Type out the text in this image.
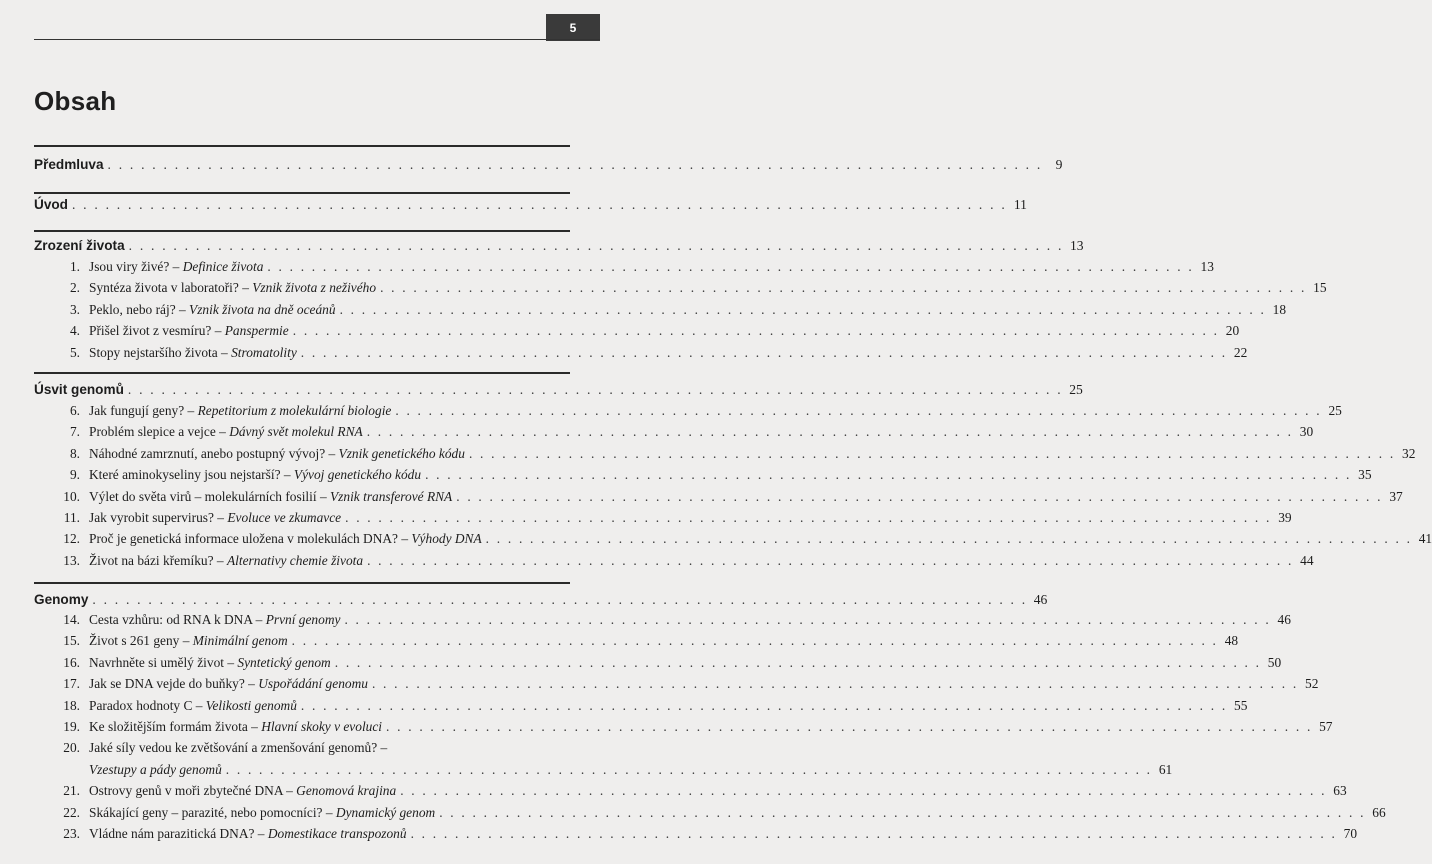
5
Obsah
Předmluva . . . . . . . . . . . . . . . . . . . . . . . . . . . . . . . . . . . . . . . . . . . . . . . . . . . . . . . . . . . . . . . . . . . . . . . . . . . . . . . . . . . . 9
Úvod . . . . . . . . . . . . . . . . . . . . . . . . . . . . . . . . . . . . . . . . . . . . . . . . . . . . . . . . . . . . . . . . . . . . . . . . . . . . . . . . . . . . 11
Zrození života . . . . . . . . . . . . . . . . . . . . . . . . . . . . . . . . . . . . . . . . . . . . . . . . . . . . . . . . . . . . . . . . . . . . . . . . . . . . . . . . . . . . 13
1. Jsou viry živé? – Definice života . . . . . . . . . . . . . . . . . . . . . . . . . . . . . . . . . . . . . . . . . . . . . . . . . . . . . . . . . . . . . . . . . . . . . . . . . . . . . . . . . . . . 13
2. Syntéza života v laboratoři? – Vznik života z neživého . . . . . . . . . . . . . . . . . . . . . . . . . . . . . . . . . . . . . . . . . . . . . . . . . . . . . . . . . . . . . . . . . . . . . . . . . . . . . . . . . . . . 15
3. Peklo, nebo ráj? – Vznik života na dně oceánů . . . . . . . . . . . . . . . . . . . . . . . . . . . . . . . . . . . . . . . . . . . . . . . . . . . . . . . . . . . . . . . . . . . . . . . . . . . . . . . . . . . . 18
4. Přišel život z vesmíru? – Panspermie . . . . . . . . . . . . . . . . . . . . . . . . . . . . . . . . . . . . . . . . . . . . . . . . . . . . . . . . . . . . . . . . . . . . . . . . . . . . . . . . . . . . 20
5. Stopy nejstaršího života – Stromatolity . . . . . . . . . . . . . . . . . . . . . . . . . . . . . . . . . . . . . . . . . . . . . . . . . . . . . . . . . . . . . . . . . . . . . . . . . . . . . . . . . . . . 22
Úsvit genomů . . . . . . . . . . . . . . . . . . . . . . . . . . . . . . . . . . . . . . . . . . . . . . . . . . . . . . . . . . . . . . . . . . . . . . . . . . . . . . . . . . . . 25
6. Jak fungují geny? – Repetitorium z molekulární biologie . . . . . . . . . . . . . . . . . . . . . . . . . . . . . . . . . . . . . . . . . . . . . . . . . . . . . . . . . . . . . . . . . . . . . . . . . . . . . . . . . . . . 25
7. Problém slepice a vejce – Dávný svět molekul RNA . . . . . . . . . . . . . . . . . . . . . . . . . . . . . . . . . . . . . . . . . . . . . . . . . . . . . . . . . . . . . . . . . . . . . . . . . . . . . . . . . . . . 30
8. Náhodné zamrznutí, anebo postupný vývoj? – Vznik genetického kódu . . . . . . . . . . . . . . . . . . . . . . . . . . . . . . . . . . . . . . . . . . . . . . . . . . . . . . . . . . . . . . . . . . . . . . . . . . . . . . . . . . . . 32
9. Které aminokyseliny jsou nejstarší? – Vývoj genetického kódu . . . . . . . . . . . . . . . . . . . . . . . . . . . . . . . . . . . . . . . . . . . . . . . . . . . . . . . . . . . . . . . . . . . . . . . . . . . . . . . . . . . . 35
10. Výlet do světa virů – molekulárních fosilií – Vznik transferové RNA . . . . . . . . . . . . . . . . . . . . . . . . . . . . . . . . . . . . . . . . . . . . . . . . . . . . . . . . . . . . . . . . . . . . . . . . . . . . . . . . . . . . 37
11. Jak vyrobit supervirus? – Evoluce ve zkumavce . . . . . . . . . . . . . . . . . . . . . . . . . . . . . . . . . . . . . . . . . . . . . . . . . . . . . . . . . . . . . . . . . . . . . . . . . . . . . . . . . . . . 39
12. Proč je genetická informace uložena v molekulách DNA? – Výhody DNA . . . . . . . . . . . . . . . . . . . . . . . . . . . . . . . . . . . . . . . . . . . . . . . . . . . . . . . . . . . . . . . . . . . . . . . . . . . . . . . . . . . . 41
13. Život na bázi křemíku? – Alternativy chemie života . . . . . . . . . . . . . . . . . . . . . . . . . . . . . . . . . . . . . . . . . . . . . . . . . . . . . . . . . . . . . . . . . . . . . . . . . . . . . . . . . . . . 44
Genomy . . . . . . . . . . . . . . . . . . . . . . . . . . . . . . . . . . . . . . . . . . . . . . . . . . . . . . . . . . . . . . . . . . . . . . . . . . . . . . . . . . . . 46
14. Cesta vzhůru: od RNA k DNA – První genomy . . . . . . . . . . . . . . . . . . . . . . . . . . . . . . . . . . . . . . . . . . . . . . . . . . . . . . . . . . . . . . . . . . . . . . . . . . . . . . . . . . . . 46
15. Život s 261 geny – Minimální genom . . . . . . . . . . . . . . . . . . . . . . . . . . . . . . . . . . . . . . . . . . . . . . . . . . . . . . . . . . . . . . . . . . . . . . . . . . . . . . . . . . . . 48
16. Navrhněte si umělý život – Syntetický genom . . . . . . . . . . . . . . . . . . . . . . . . . . . . . . . . . . . . . . . . . . . . . . . . . . . . . . . . . . . . . . . . . . . . . . . . . . . . . . . . . . . . 50
17. Jak se DNA vejde do buňky? – Uspořádání genomu . . . . . . . . . . . . . . . . . . . . . . . . . . . . . . . . . . . . . . . . . . . . . . . . . . . . . . . . . . . . . . . . . . . . . . . . . . . . . . . . . . . . 52
18. Paradox hodnoty C – Velikosti genomů . . . . . . . . . . . . . . . . . . . . . . . . . . . . . . . . . . . . . . . . . . . . . . . . . . . . . . . . . . . . . . . . . . . . . . . . . . . . . . . . . . . . 55
19. Ke složitějším formám života – Hlavní skoky v evoluci . . . . . . . . . . . . . . . . . . . . . . . . . . . . . . . . . . . . . . . . . . . . . . . . . . . . . . . . . . . . . . . . . . . . . . . . . . . . . . . . . . . . 57
20. Jaké síly vedou ke zvětšování a zmenšování genomů? –
Vzestupy a pády genomů . . . . . . . . . . . . . . . . . . . . . . . . . . . . . . . . . . . . . . . . . . . . . . . . . . . . . . . . . . . . . . . . . . . . . . . . . . . . . . . . . . . . 61
21. Ostrovy genů v moři zbytečné DNA – Genomová krajina . . . . . . . . . . . . . . . . . . . . . . . . . . . . . . . . . . . . . . . . . . . . . . . . . . . . . . . . . . . . . . . . . . . . . . . . . . . . . . . . . . . . 63
22. Skákající geny – parazité, nebo pomocníci? – Dynamický genom . . . . . . . . . . . . . . . . . . . . . . . . . . . . . . . . . . . . . . . . . . . . . . . . . . . . . . . . . . . . . . . . . . . . . . . . . . . . . . . . . . . . 66
23. Vládne nám parazitická DNA? – Domestikace transpozonů . . . . . . . . . . . . . . . . . . . . . . . . . . . . . . . . . . . . . . . . . . . . . . . . . . . . . . . . . . . . . . . . . . . . . . . . . . . . . . . . . . . . 70
